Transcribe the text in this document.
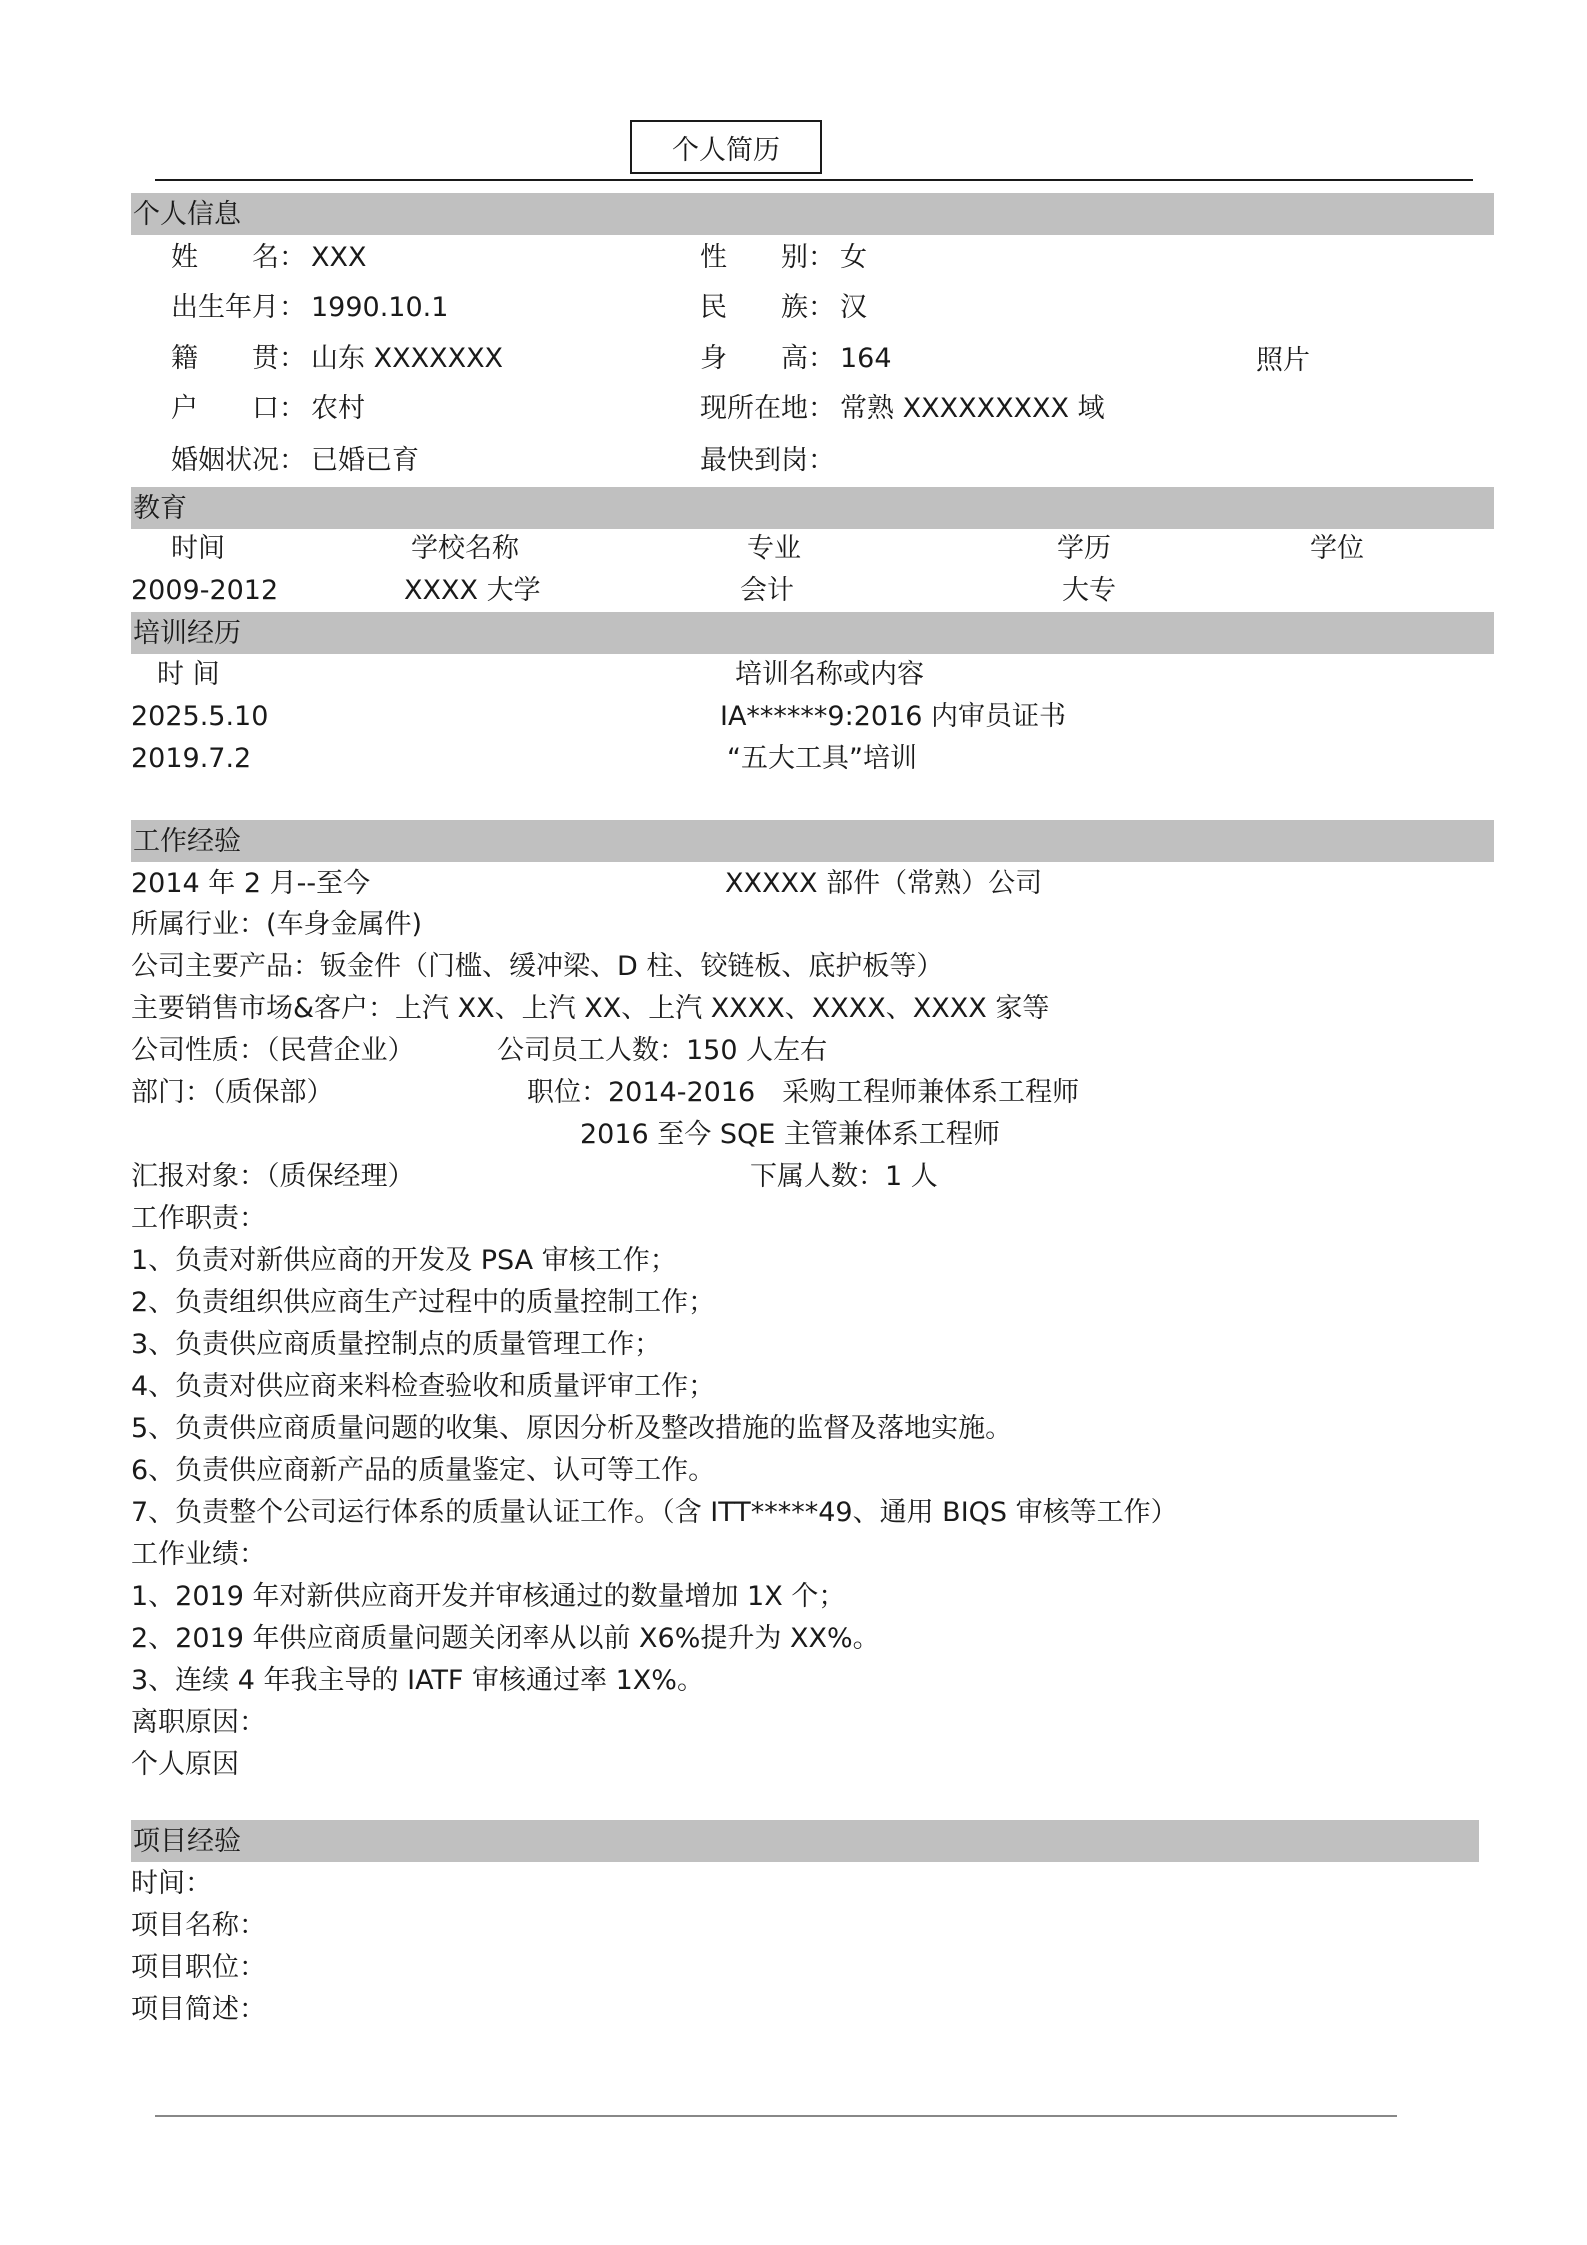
个人简历
个人信息
姓　　名： XXX	性　　别： 女
出生年月： 1990.10.1	民　　族： 汉
籍　　贯： 山东 XXXXXXX	身　　高： 164	照片
户　　口： 农村	现所在地： 常熟 XXXXXXXXX 域
婚姻状况： 已婚已育	最快到岗：
教育
时间	学校名称	专业	学历	学位
2009-2012	XXXX 大学	会计	大专
培训经历
时 间	培训名称或内容
2025.5.10	IA******9:2016 内审员证书
2019.7.2	“五大工具”培训
工作经验
2014 年 2 月--至今	XXXXX 部件（常熟）公司
所属行业：(车身金属件)
公司主要产品：钣金件（门槛、缓冲梁、D 柱、铰链板、底护板等）
主要销售市场&客户：上汽 XX、上汽 XX、上汽 XXXX、XXXX、XXXX 家等
公司性质：（民营企业）	公司员工人数：150 人左右
部门：（质保部）	职位：2014-2016　采购工程师兼体系工程师
2016 至今 SQE 主管兼体系工程师
汇报对象：（质保经理）	下属人数：1 人
工作职责：
1、负责对新供应商的开发及 PSA 审核工作；
2、负责组织供应商生产过程中的质量控制工作；
3、负责供应商质量控制点的质量管理工作；
4、负责对供应商来料检查验收和质量评审工作；
5、负责供应商质量问题的收集、原因分析及整改措施的监督及落地实施。
6、负责供应商新产品的质量鉴定、认可等工作。
7、负责整个公司运行体系的质量认证工作。（含 ITT*****49、通用 BIQS 审核等工作）
工作业绩：
1、2019 年对新供应商开发并审核通过的数量增加 1X 个；
2、2019 年供应商质量问题关闭率从以前 X6%提升为 XX%。
3、连续 4 年我主导的 IATF 审核通过率 1X%。
离职原因：
个人原因
项目经验
时间：
项目名称：
项目职位：
项目简述：
